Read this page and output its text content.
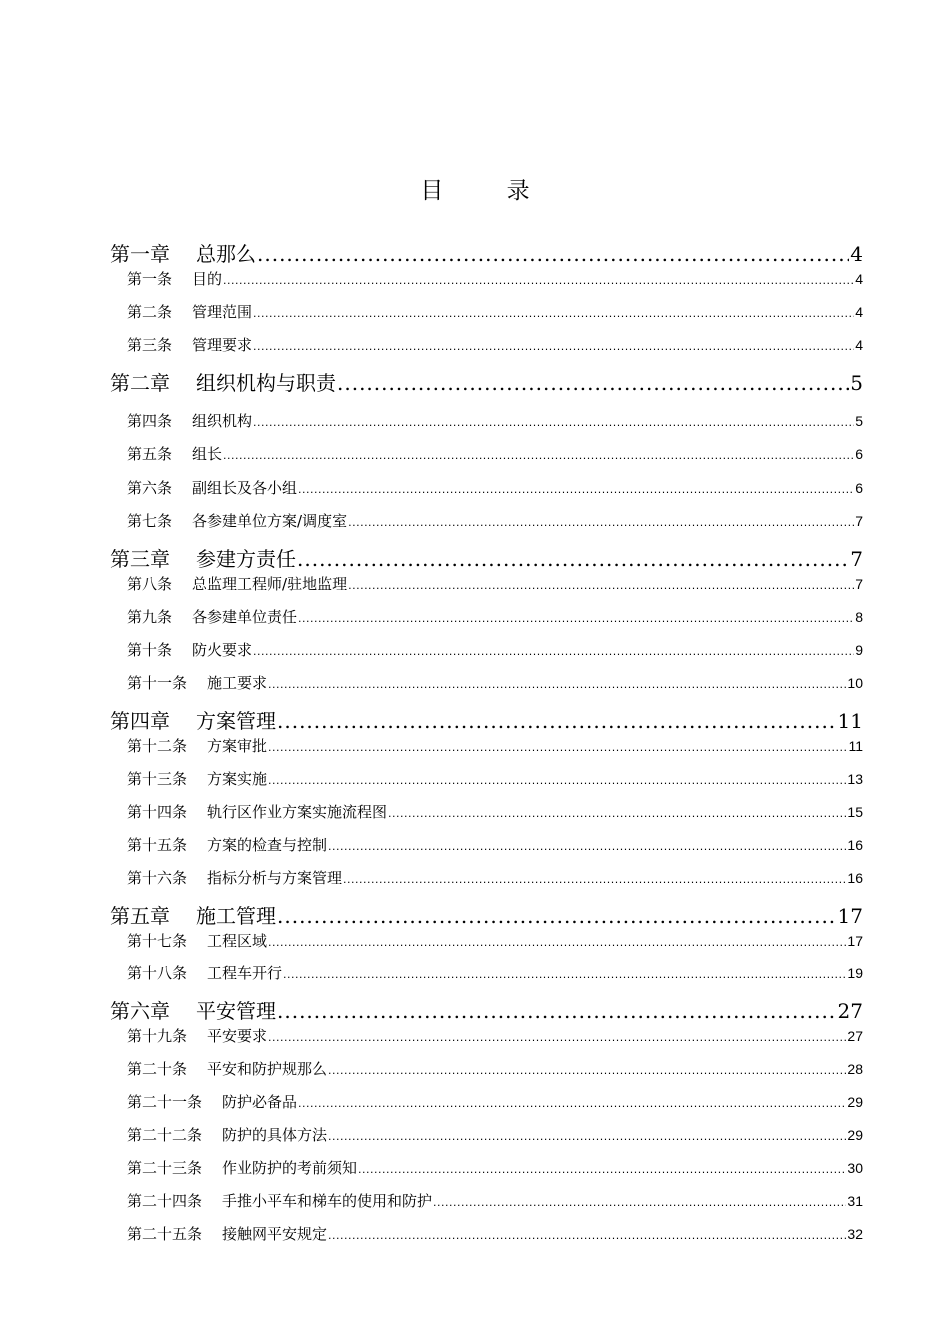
目 录
第一章 总那么 .....	4
第一条 目的 .....	4
第二条 管理范围 .....	4
第三条 管理要求 .....	4
第二章 组织机构与职责 .....	5
第四条 组织机构 .....	5
第五条 组长 .....	6
第六条 副组长及各小组 .....	6
第七条 各参建单位方案/调度室 .....	7
第三章 参建方责任 .....	7
第八条 总监理工程师/驻地监理 .....	7
第九条 各参建单位责任 .....	8
第十条 防火要求 .....	9
第十一条 施工要求 .....	10
第四章 方案管理 .....	11
第十二条 方案审批 .....	11
第十三条 方案实施 .....	13
第十四条 轨行区作业方案实施流程图 .....	15
第十五条 方案的检查与控制 .....	16
第十六条 指标分析与方案管理 .....	16
第五章 施工管理 .....	17
第十七条 工程区域 .....	17
第十八条 工程车开行 .....	19
第六章 平安管理 .....	27
第十九条 平安要求 .....	27
第二十条 平安和防护规那么 .....	28
第二十一条 防护必备品 .....	29
第二十二条 防护的具体方法 .....	29
第二十三条 作业防护的考前须知 .....	30
第二十四条 手推小平车和梯车的使用和防护 .....	31
第二十五条 接触网平安规定 .....	32
